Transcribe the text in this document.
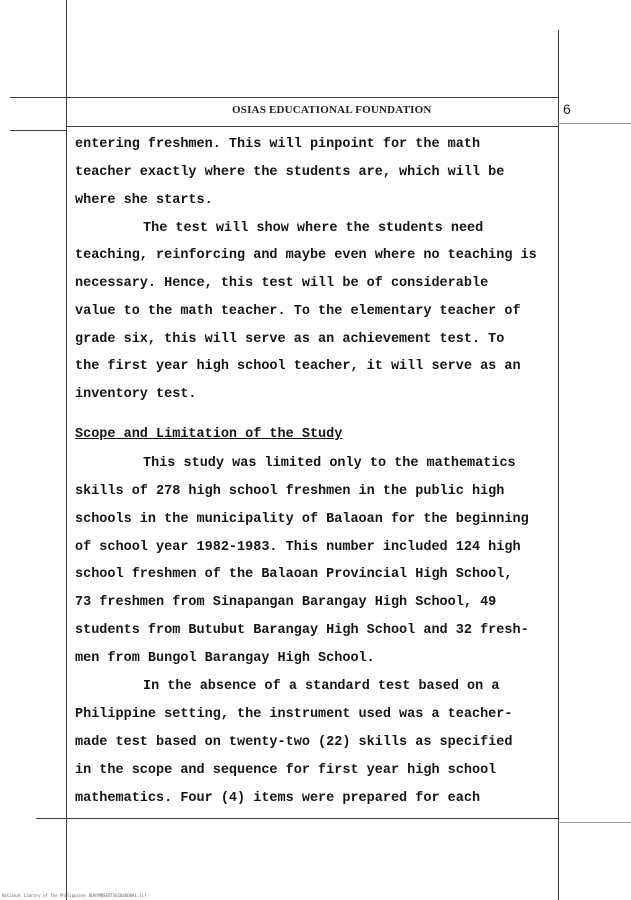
OSIAS EDUCATIONAL FOUNDATION	6
entering freshmen. This will pinpoint for the math
teacher exactly where the students are, which will be
where she starts.
The test will show where the students need
teaching, reinforcing and maybe even where no teaching is
necessary. Hence, this test will be of considerable
value to the math teacher. To the elementary teacher of
grade six, this will serve as an achievement test. To
the first year high school teacher, it will serve as an
inventory test.
Scope and Limitation of the Study
This study was limited only to the mathematics
skills of 278 high school freshmen in the public high
schools in the municipality of Balaoan for the beginning
of school year 1982-1983. This number included 124 high
school freshmen of the Balaoan Provincial High School,
73 freshmen from Sinapangan Barangay High School, 49
students from Butubut Barangay High School and 32 fresh-
men from Bungol Barangay High School.
In the absence of a standard test based on a
Philippine setting, the instrument used was a teacher-
made test based on twenty-two (22) skills as specified
in the scope and sequence for first year high school
mathematics. Four (4) items were prepared for each
National Library of the Philippines BUHYMBSEDTS01040D0A1.tif
